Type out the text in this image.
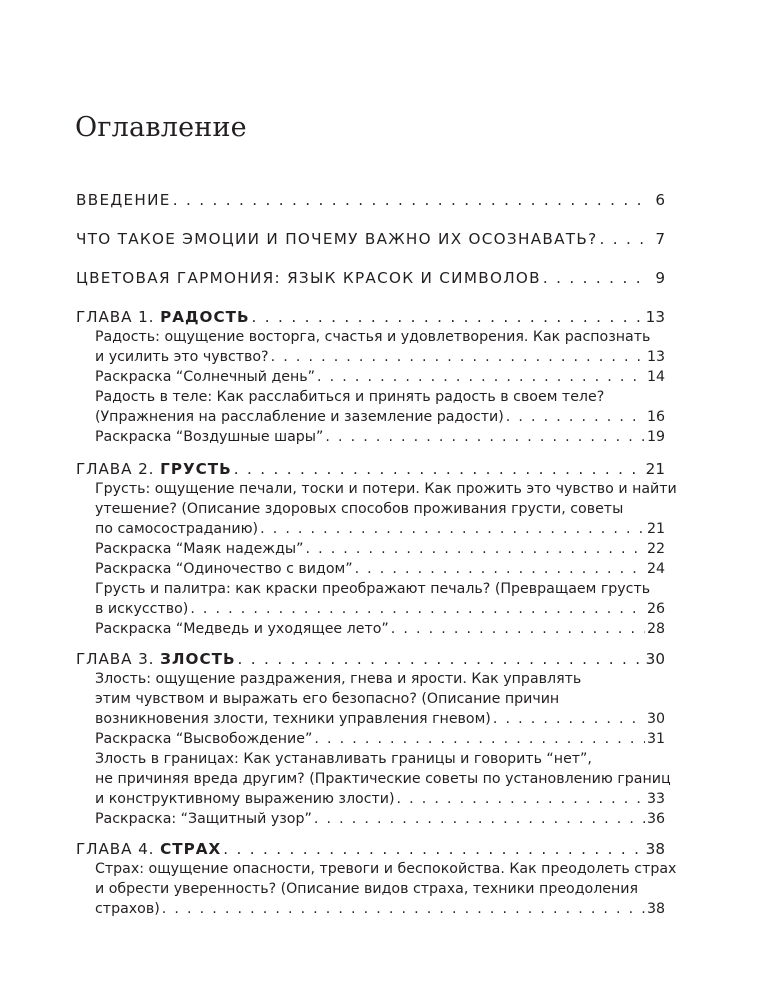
Оглавление
ВВЕДЕНИЕ . . .	6
ЧТО ТАКОЕ ЭМОЦИИ И ПОЧЕМУ ВАЖНО ИХ ОСОЗНАВАТЬ? . . .	7
ЦВЕТОВАЯ ГАРМОНИЯ: ЯЗЫК КРАСОК И СИМВОЛОВ . . .	9
ГЛАВА 1. РАДОСТЬ . . .	13
Радость: ощущение восторга, счастья и удовлетворения. Как распознать
и усилить это чувство? . . .	13
Раскраска “Солнечный день” . . .	14
Радость в теле: Как расслабиться и принять радость в своем теле?
(Упражнения на расслабление и заземление радости) . . .	16
Раскраска “Воздушные шары” . . .	19
ГЛАВА 2. ГРУСТЬ . . .	21
Грусть: ощущение печали, тоски и потери. Как прожить это чувство и найти
утешение? (Описание здоровых способов проживания грусти, советы
по самосостраданию) . . .	21
Раскраска “Маяк надежды” . . .	22
Раскраска “Одиночество с видом” . . .	24
Грусть и палитра: как краски преображают печаль? (Превращаем грусть
в искусство) . . .	26
Раскраска “Медведь и уходящее лето” . . .	28
ГЛАВА 3. ЗЛОСТЬ . . .	30
Злость: ощущение раздражения, гнева и ярости. Как управлять
этим чувством и выражать его безопасно? (Описание причин
возникновения злости, техники управления гневом) . . .	30
Раскраска “Высвобождение” . . .	31
Злость в границах: Как устанавливать границы и говорить “нет”,
не причиняя вреда другим? (Практические советы по установлению границ
и конструктивному выражению злости) . . .	33
Раскраска: “Защитный узор” . . .	36
ГЛАВА 4. СТРАХ . . .	38
Страх: ощущение опасности, тревоги и беспокойства. Как преодолеть страх
и обрести уверенность? (Описание видов страха, техники преодоления
страхов) . . .	38
